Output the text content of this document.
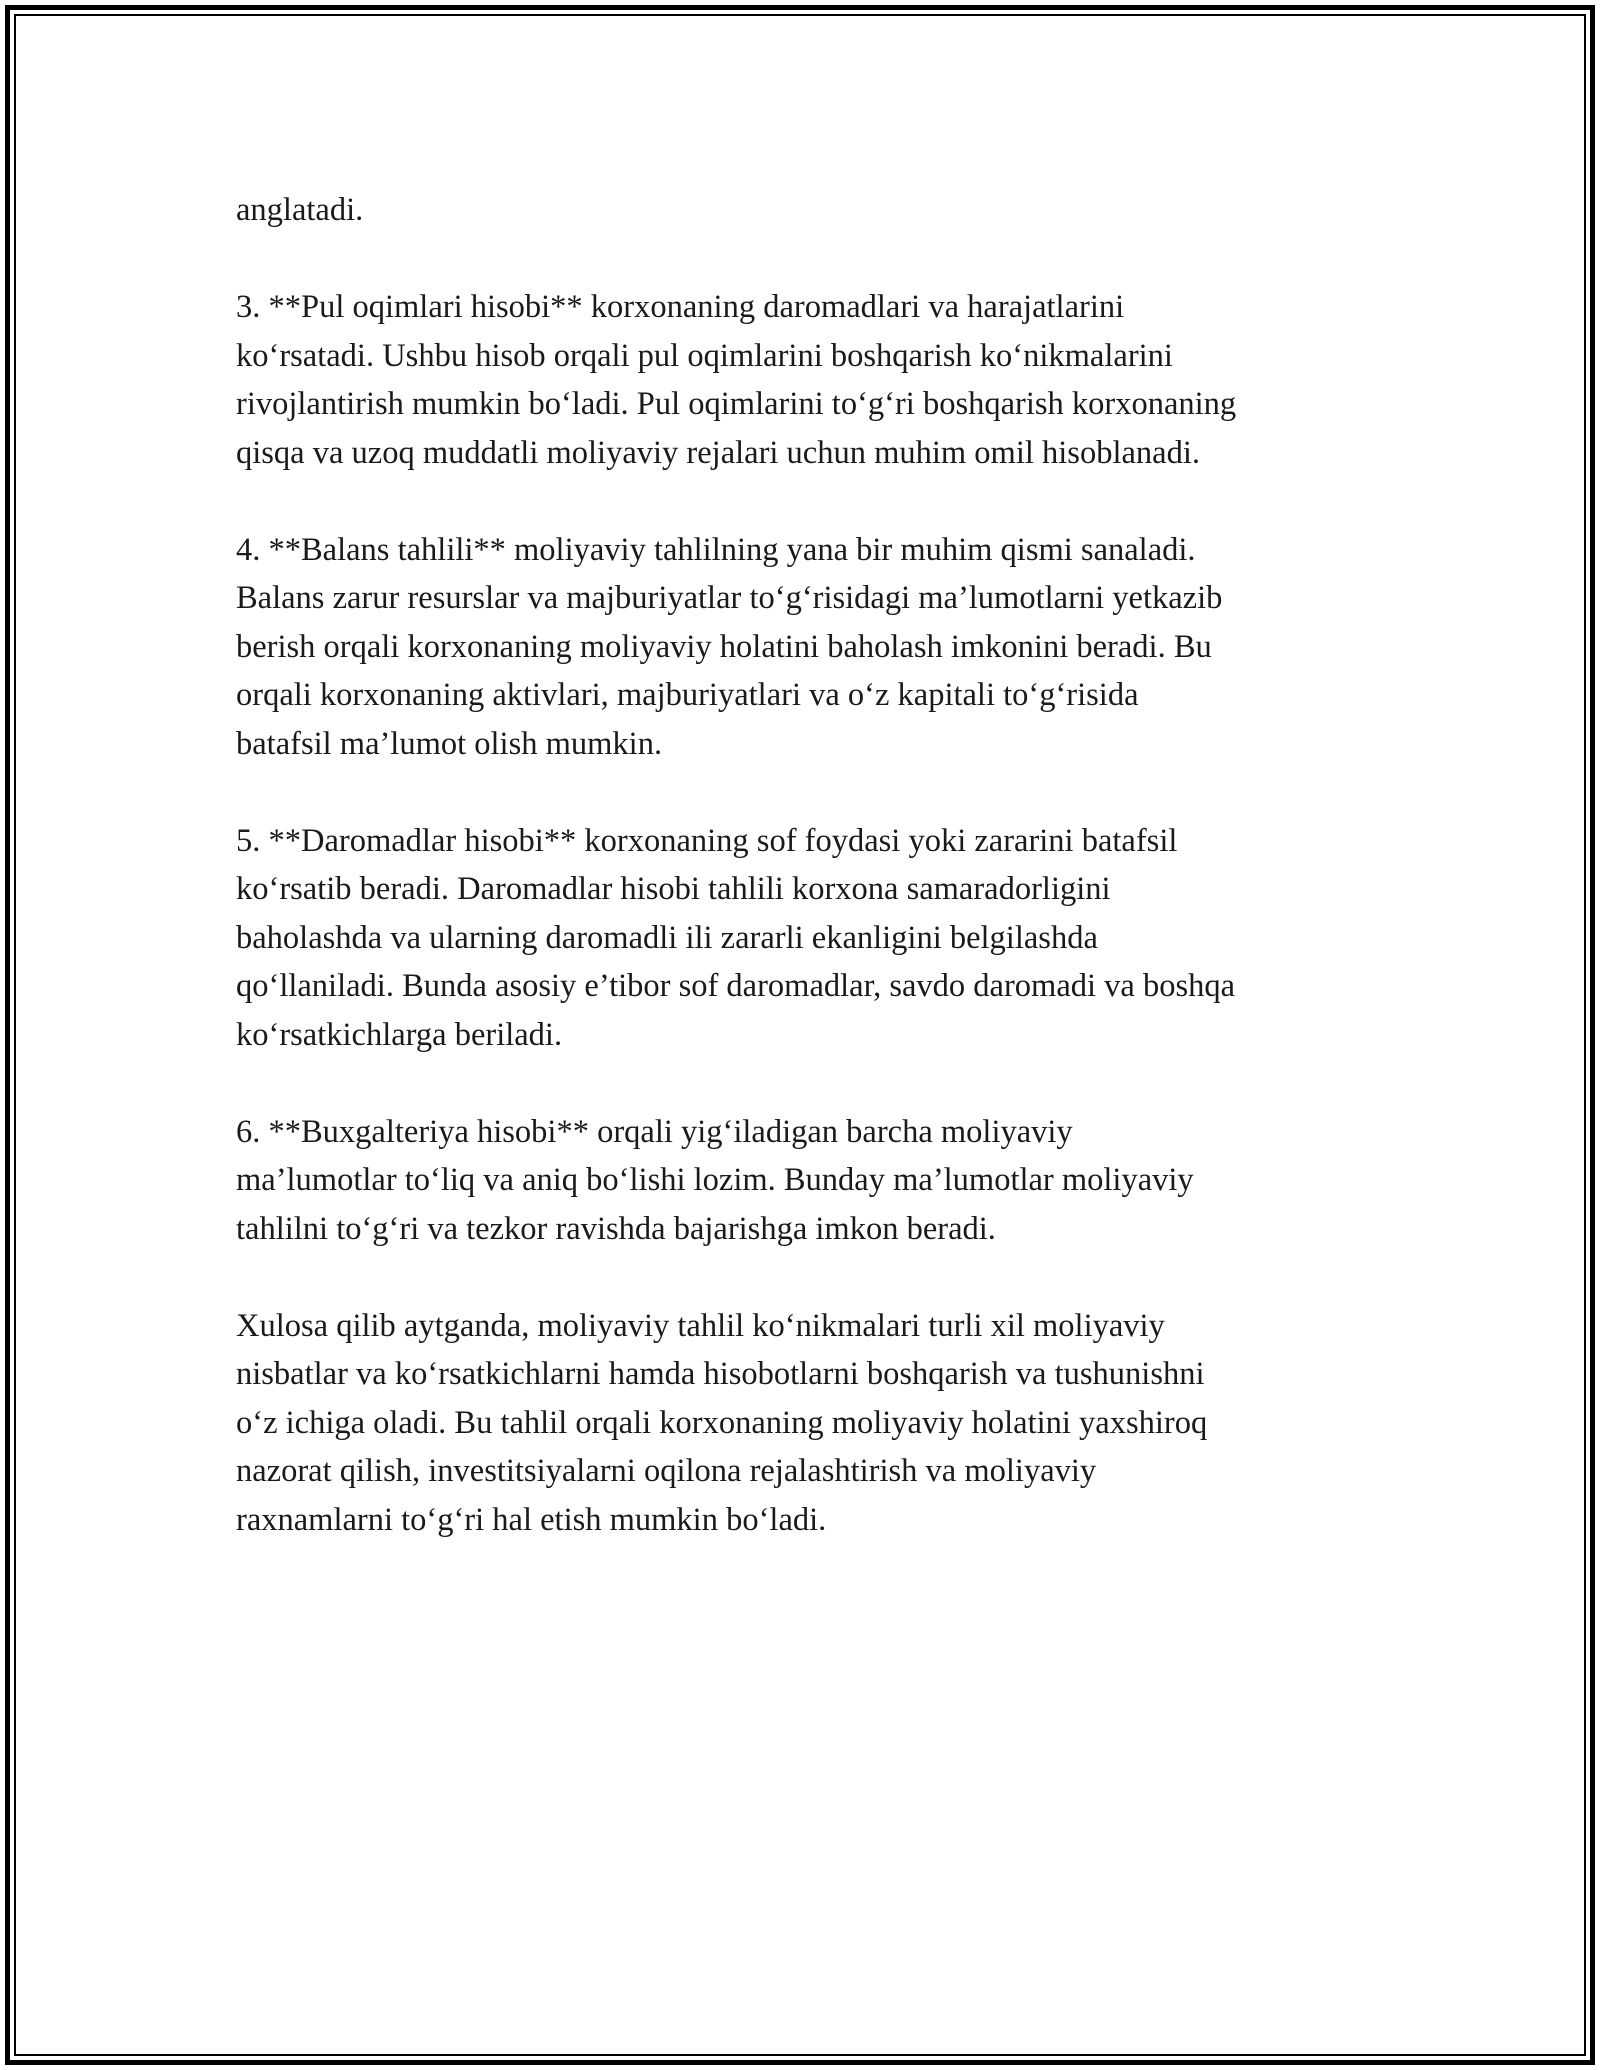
anglatadi.

3. **Pul oqimlari hisobi** korxonaning daromadlari va harajatlarini
ko‘rsatadi. Ushbu hisob orqali pul oqimlarini boshqarish ko‘nikmalarini
rivojlantirish mumkin bo‘ladi. Pul oqimlarini to‘g‘ri boshqarish korxonaning
qisqa va uzoq muddatli moliyaviy rejalari uchun muhim omil hisoblanadi.

4. **Balans tahlili** moliyaviy tahlilning yana bir muhim qismi sanaladi.
Balans zarur resurslar va majburiyatlar to‘g‘risidagi ma’lumotlarni yetkazib
berish orqali korxonaning moliyaviy holatini baholash imkonini beradi. Bu
orqali korxonaning aktivlari, majburiyatlari va o‘z kapitali to‘g‘risida
batafsil ma’lumot olish mumkin.

5. **Daromadlar hisobi** korxonaning sof foydasi yoki zararini batafsil
ko‘rsatib beradi. Daromadlar hisobi tahlili korxona samaradorligini
baholashda va ularning daromadli ili zararli ekanligini belgilashda
qo‘llaniladi. Bunda asosiy e’tibor sof daromadlar, savdo daromadi va boshqa
ko‘rsatkichlarga beriladi.

6. **Buxgalteriya hisobi** orqali yig‘iladigan barcha moliyaviy
ma’lumotlar to‘liq va aniq bo‘lishi lozim. Bunday ma’lumotlar moliyaviy
tahlilni to‘g‘ri va tezkor ravishda bajarishga imkon beradi.

Xulosa qilib aytganda, moliyaviy tahlil ko‘nikmalari turli xil moliyaviy
nisbatlar va ko‘rsatkichlarni hamda hisobotlarni boshqarish va tushunishni
o‘z ichiga oladi. Bu tahlil orqali korxonaning moliyaviy holatini yaxshiroq
nazorat qilish, investitsiyalarni oqilona rejalashtirish va moliyaviy
raxnamlarni to‘g‘ri hal etish mumkin bo‘ladi.
